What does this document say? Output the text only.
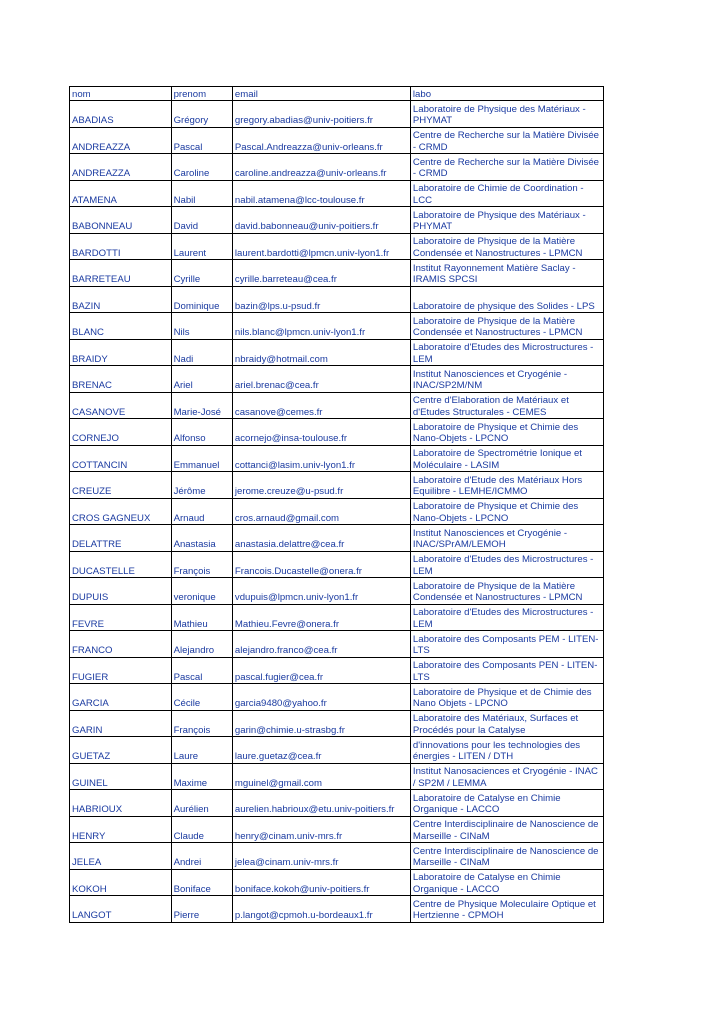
nom	prenom	email	labo
ABADIAS	Grégory	gregory.abadias@univ-poitiers.fr	Laboratoire de Physique des Matériaux - PHYMAT
ANDREAZZA	Pascal	Pascal.Andreazza@univ-orleans.fr	Centre de Recherche sur la Matière Divisée - CRMD
ANDREAZZA	Caroline	caroline.andreazza@univ-orleans.fr	Centre de Recherche sur la Matière Divisée - CRMD
ATAMENA	Nabil	nabil.atamena@lcc-toulouse.fr	Laboratoire de Chimie de Coordination - LCC
BABONNEAU	David	david.babonneau@univ-poitiers.fr	Laboratoire de Physique des Matériaux - PHYMAT
BARDOTTI	Laurent	laurent.bardotti@lpmcn.univ-lyon1.fr	Laboratoire de Physique de la Matière Condensée et Nanostructures - LPMCN
BARRETEAU	Cyrille	cyrille.barreteau@cea.fr	Institut Rayonnement Matière Saclay - IRAMIS SPCSI
BAZIN	Dominique	bazin@lps.u-psud.fr	Laboratoire de physique des Solides - LPS
BLANC	Nils	nils.blanc@lpmcn.univ-lyon1.fr	Laboratoire de Physique de la Matière Condensée et Nanostructures - LPMCN
BRAIDY	Nadi	nbraidy@hotmail.com	Laboratoire d'Etudes des Microstructures - LEM
BRENAC	Ariel	ariel.brenac@cea.fr	Institut Nanosciences et Cryogénie - INAC/SP2M/NM
CASANOVE	Marie-José	casanove@cemes.fr	Centre d'Elaboration de Matériaux et d'Etudes Structurales - CEMES
CORNEJO	Alfonso	acornejo@insa-toulouse.fr	Laboratoire de Physique et Chimie des Nano-Objets - LPCNO
COTTANCIN	Emmanuel	cottanci@lasim.univ-lyon1.fr	Laboratoire de Spectrométrie Ionique et Moléculaire - LASIM
CREUZE	Jérôme	jerome.creuze@u-psud.fr	Laboratoire d'Etude des Matériaux Hors Equilibre - LEMHE/ICMMO
CROS GAGNEUX	Arnaud	cros.arnaud@gmail.com	Laboratoire de Physique et Chimie des Nano-Objets - LPCNO
DELATTRE	Anastasia	anastasia.delattre@cea.fr	Institut Nanosciences et Cryogénie - INAC/SPrAM/LEMOH
DUCASTELLE	François	Francois.Ducastelle@onera.fr	Laboratoire d'Etudes des Microstructures - LEM
DUPUIS	veronique	vdupuis@lpmcn.univ-lyon1.fr	Laboratoire de Physique de la Matière Condensée et Nanostructures - LPMCN
FEVRE	Mathieu	Mathieu.Fevre@onera.fr	Laboratoire d'Etudes des Microstructures - LEM
FRANCO	Alejandro	alejandro.franco@cea.fr	Laboratoire des Composants PEM - LITEN-LTS
FUGIER	Pascal	pascal.fugier@cea.fr	Laboratoire des Composants PEN - LITEN-LTS
GARCIA	Cécile	garcia9480@yahoo.fr	Laboratoire de Physique et de Chimie des Nano Objets - LPCNO
GARIN	François	garin@chimie.u-strasbg.fr	Laboratoire des Matériaux, Surfaces et Procédés pour la Catalyse
GUETAZ	Laure	laure.guetaz@cea.fr	d'innovations pour les technologies des énergies - LITEN / DTH
GUINEL	Maxime	mguinel@gmail.com	Institut Nanosaciences et Cryogénie - INAC / SP2M / LEMMA
HABRIOUX	Aurélien	aurelien.habrioux@etu.univ-poitiers.fr	Laboratoire de Catalyse en Chimie Organique - LACCO
HENRY	Claude	henry@cinam.univ-mrs.fr	Centre Interdisciplinaire de Nanoscience de Marseille - CINaM
JELEA	Andrei	jelea@cinam.univ-mrs.fr	Centre Interdisciplinaire de Nanoscience de Marseille - CINaM
KOKOH	Boniface	boniface.kokoh@univ-poitiers.fr	Laboratoire de Catalyse en Chimie Organique - LACCO
LANGOT	Pierre	p.langot@cpmoh.u-bordeaux1.fr	Centre de Physique Moleculaire Optique et Hertzienne - CPMOH
